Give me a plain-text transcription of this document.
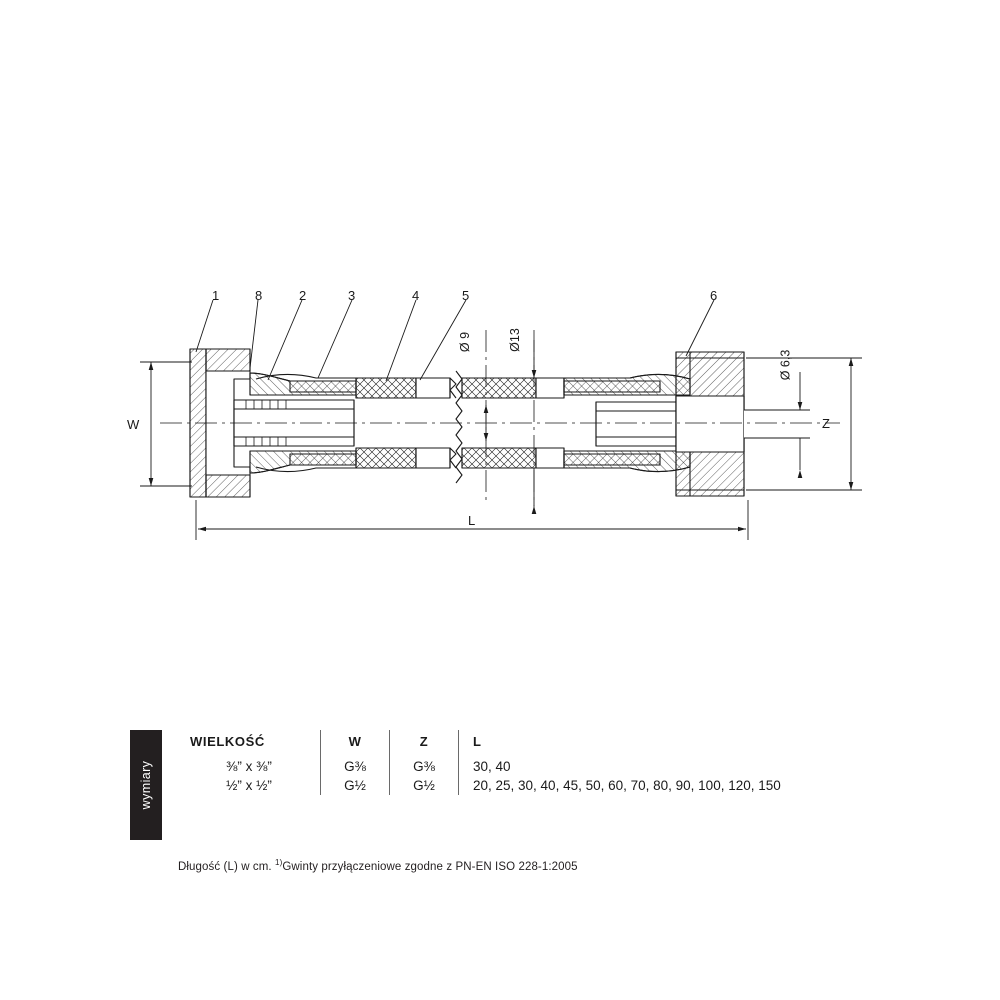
1	8	2	3	4	5	6
W	Z
L
Ø 9	Ø13
Ø 6,3
wymiary
WIELKOŚĆ	W	Z	L
⅜” x ⅜”	G⅜	G⅜	30, 40
½” x ½”	G½	G½	20, 25, 30, 40, 45, 50, 60, 70, 80, 90, 100, 120, 150
Długość (L) w cm. $^{1)}$Gwinty przyłączeniowe zgodne z PN-EN ISO 228-1:2005
